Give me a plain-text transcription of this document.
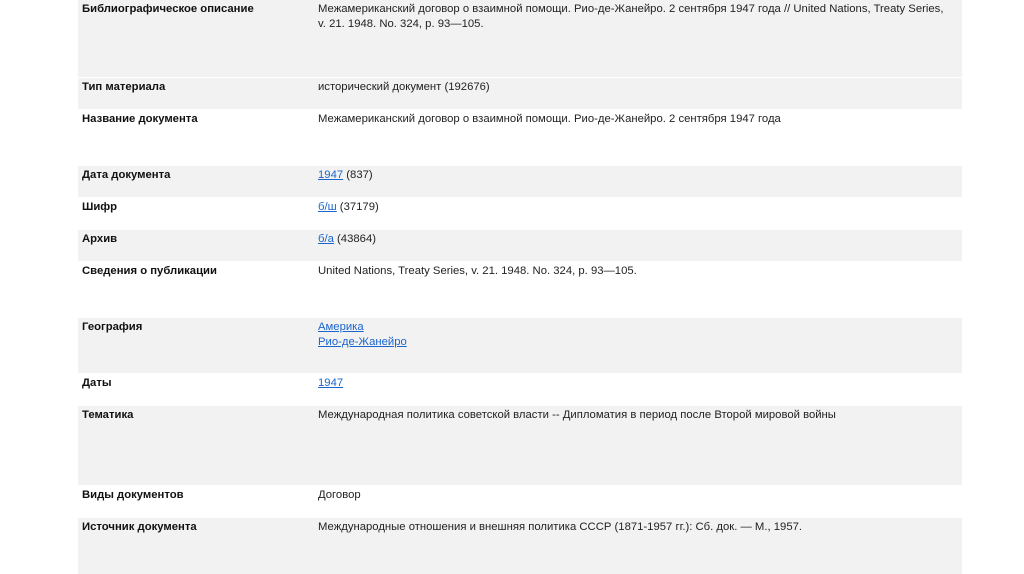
Библиографическое описание	Межамериканский договор о взаимной помощи. Рио-де-Жанейро. 2 сентября 1947 года // United Nations, Treaty Series, v. 21. 1948. No. 324, p. 93—105.
Тип материала	исторический документ (192676)
Название документа	Межамериканский договор о взаимной помощи. Рио-де-Жанейро. 2 сентября 1947 года
Дата документа	1947 (837)
Шифр	б/ш (37179)
Архив	б/а (43864)
Сведения о публикации	United Nations, Treaty Series, v. 21. 1948. No. 324, p. 93—105.
География	Америка
Рио-де-Жанейро
Даты	1947
Тематика	Международная политика советской власти -- Дипломатия в период после Второй мировой войны
Виды документов	Договор
Источник документа	Международные отношения и внешняя политика СССР (1871-1957 гг.): Сб. док. — М., 1957.
